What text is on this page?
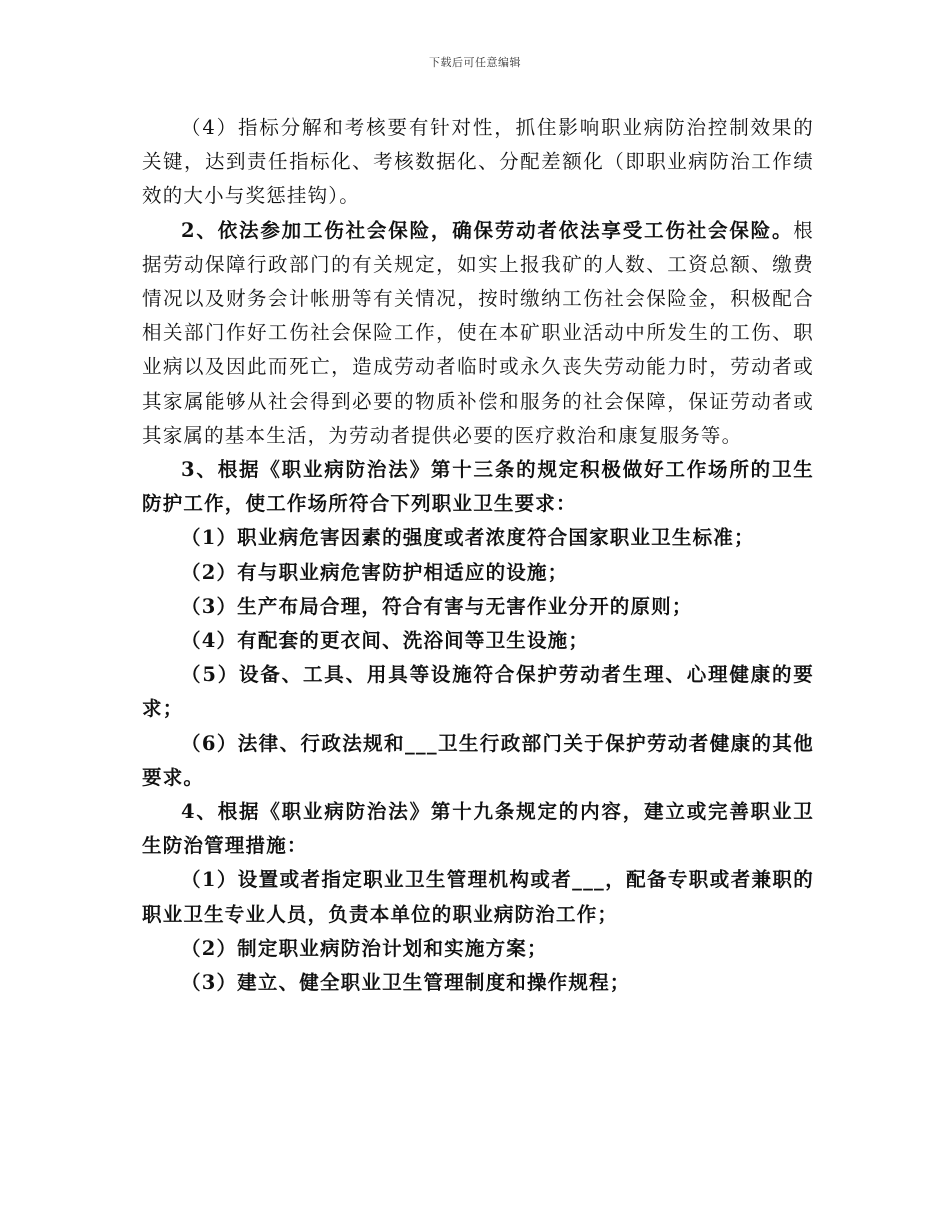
下载后可任意编辑

（4）指标分解和考核要有针对性，抓住影响职业病防治控制效果的关键，达到责任指标化、考核数据化、分配差额化（即职业病防治工作绩效的大小与奖惩挂钩）。

2、依法参加工伤社会保险，确保劳动者依法享受工伤社会保险。根据劳动保障行政部门的有关规定，如实上报我矿的人数、工资总额、缴费情况以及财务会计帐册等有关情况，按时缴纳工伤社会保险金，积极配合相关部门作好工伤社会保险工作，使在本矿职业活动中所发生的工伤、职业病以及因此而死亡，造成劳动者临时或永久丧失劳动能力时，劳动者或其家属能够从社会得到必要的物质补偿和服务的社会保障，保证劳动者或其家属的基本生活，为劳动者提供必要的医疗救治和康复服务等。

3、根据《职业病防治法》第十三条的规定积极做好工作场所的卫生防护工作，使工作场所符合下列职业卫生要求：

（1）职业病危害因素的强度或者浓度符合国家职业卫生标准；

（2）有与职业病危害防护相适应的设施；

（3）生产布局合理，符合有害与无害作业分开的原则；

（4）有配套的更衣间、洗浴间等卫生设施；

（5）设备、工具、用具等设施符合保护劳动者生理、心理健康的要求；

（6）法律、行政法规和___卫生行政部门关于保护劳动者健康的其他要求。

4、根据《职业病防治法》第十九条规定的内容，建立或完善职业卫生防治管理措施：

（1）设置或者指定职业卫生管理机构或者___，配备专职或者兼职的职业卫生专业人员，负责本单位的职业病防治工作；

（2）制定职业病防治计划和实施方案；

（3）建立、健全职业卫生管理制度和操作规程；
